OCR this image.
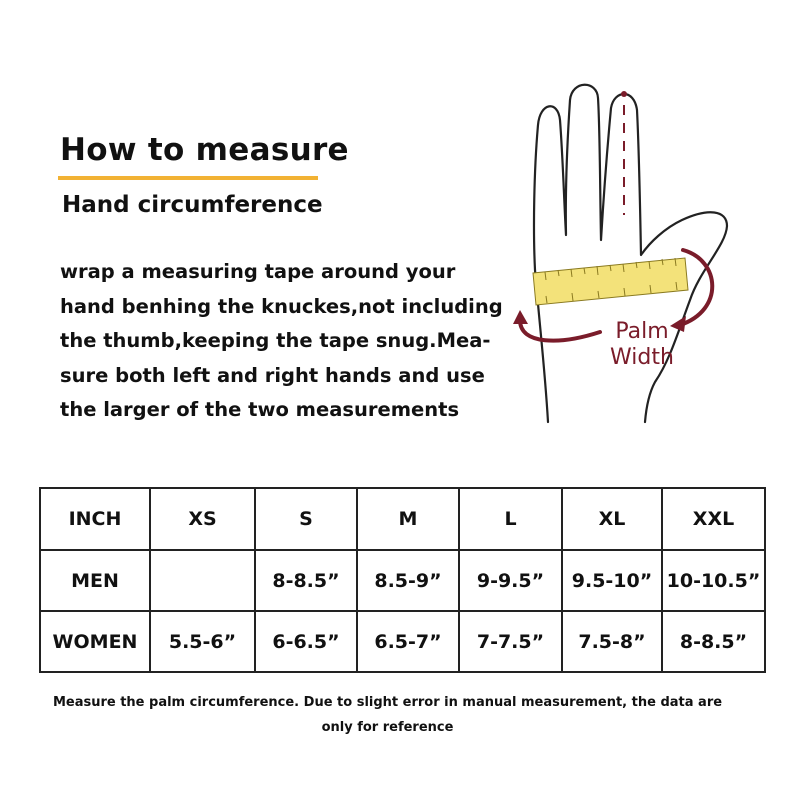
How to measure
Hand circumference
wrap a measuring tape around your
hand benhing the knuckes,not including
the thumb,keeping the tape snug.Mea-
sure both left and right hands and use
the larger of the two measurements
Palm
Width
INCH	XS	S	M	L	XL	XXL
MEN		8-8.5”	8.5-9”	9-9.5”	9.5-10”	10-10.5”
WOMEN	5.5-6”	6-6.5”	6.5-7”	7-7.5”	7.5-8”	8-8.5”
Measure the palm circumference. Due to slight error in manual measurement, the data are
only for reference
